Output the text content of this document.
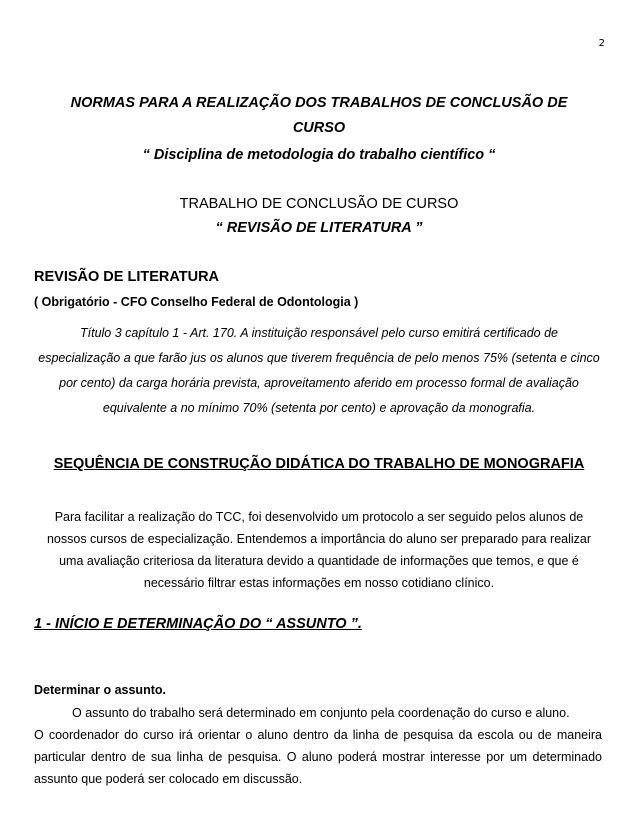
2
NORMAS PARA A REALIZAÇÃO DOS TRABALHOS DE CONCLUSÃO DE
CURSO
“ Disciplina de metodologia do trabalho científico “
TRABALHO DE CONCLUSÃO DE CURSO
“ REVISÃO DE LITERATURA ”
REVISÃO DE LITERATURA
( Obrigatório - CFO Conselho Federal de Odontologia )
Título 3 capítulo 1 - Art. 170. A instituição responsável pelo curso emitirá certificado de
especialização a que farão jus os alunos que tiverem frequência de pelo menos 75% (setenta e cinco
por cento) da carga horária prevista, aproveitamento aferido em processo formal de avaliação
equivalente a no mínimo 70% (setenta por cento) e aprovação da monografia.
SEQUÊNCIA DE CONSTRUÇÃO DIDÁTICA DO TRABALHO DE MONOGRAFIA
Para facilitar a realização do TCC, foi desenvolvido um protocolo a ser seguido pelos alunos de
nossos cursos de especialização. Entendemos a importância do aluno ser preparado para realizar
uma avaliação criteriosa da literatura devido a quantidade de informações que temos, e que é
necessário filtrar estas informações em nosso cotidiano clínico.
1 - INÍCIO E DETERMINAÇÃO DO “ ASSUNTO ”.
Determinar o assunto.
O assunto do trabalho será determinado em conjunto pela coordenação do curso e aluno.
O coordenador do curso irá orientar o aluno dentro da linha de pesquisa da escola ou de maneira
particular dentro de sua linha de pesquisa. O aluno poderá mostrar interesse por um determinado
assunto que poderá ser colocado em discussão.
